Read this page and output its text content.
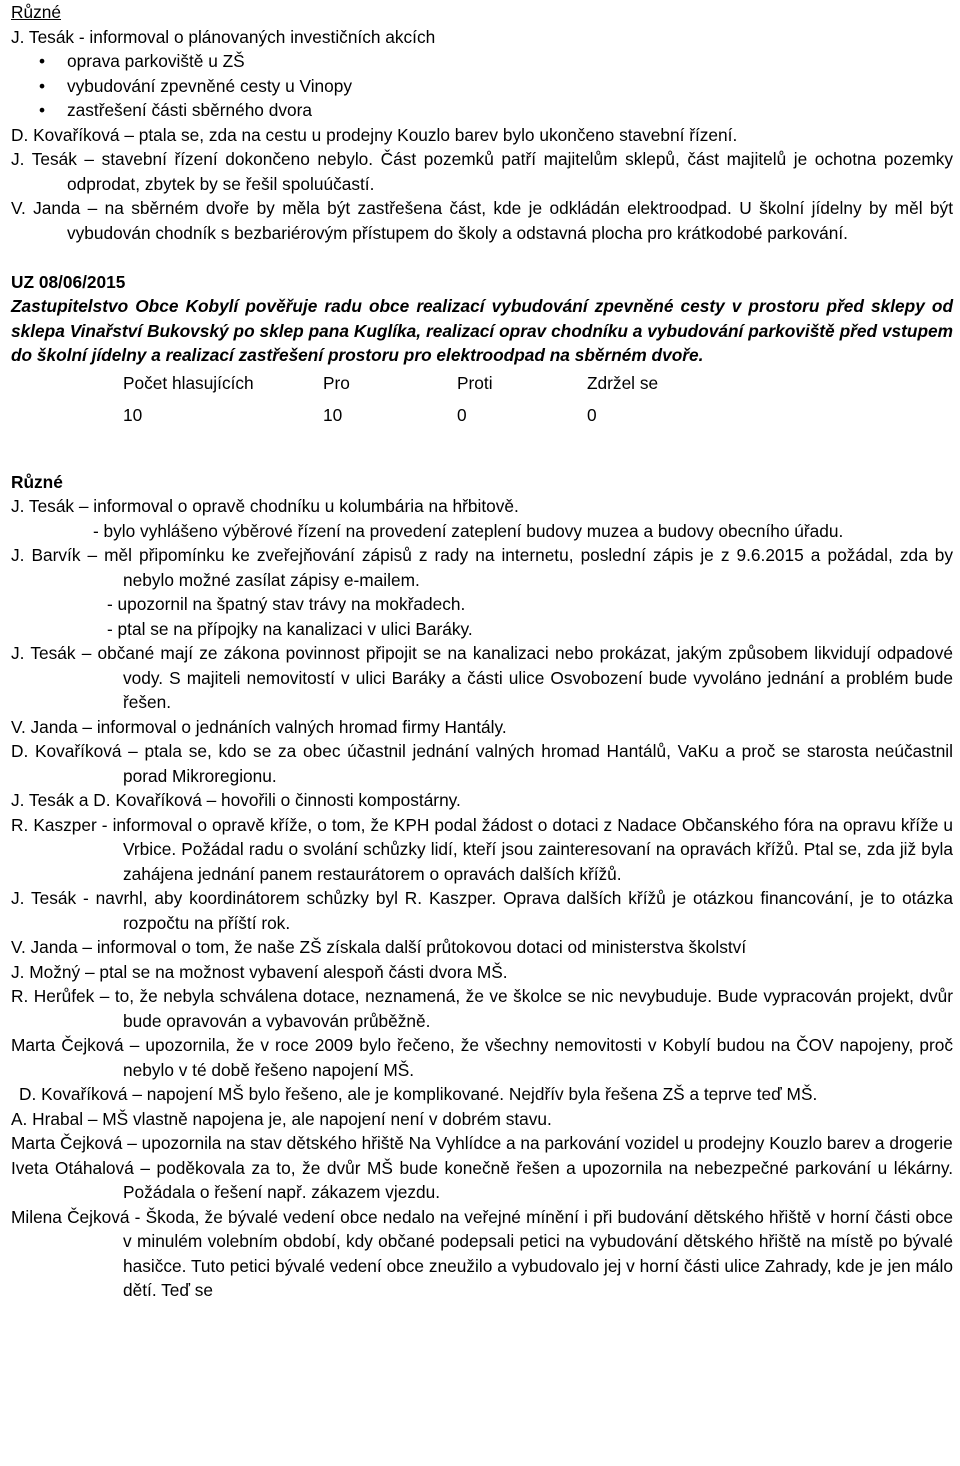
Různé

J. Tesák - informoval o plánovaných investičních akcích

• oprava parkoviště u ZŠ
• vybudování zpevněné cesty u Vinopy
• zastřešení části sběrného dvora

D. Kovaříková – ptala se, zda na cestu u prodejny Kouzlo barev bylo ukončeno stavební řízení.

J. Tesák – stavební řízení dokončeno nebylo. Část pozemků patří majitelům sklepů, část majitelů je ochotna pozemky odprodat, zbytek by se řešil spoluúčastí.

V. Janda – na sběrném dvoře by měla být zastřešena část, kde je odkládán elektroodpad. U školní jídelny by měl být vybudován chodník s bezbariérovým přístupem do školy a odstavná plocha pro krátkodobé parkování.

UZ 08/06/2015

Zastupitelstvo Obce Kobylí pověřuje radu obce realizací vybudování zpevněné cesty v prostoru před sklepy od sklepa Vinařství Bukovský po sklep pana Kuglíka, realizací oprav chodníku a vybudování parkoviště před vstupem do školní jídelny a realizací zastřešení prostoru pro elektroodpad na sběrném dvoře.

Počet hlasujících	Pro	Proti	Zdržel se
10	10	0	0

Různé

J. Tesák – informoval o opravě chodníku u kolumbária na hřbitově.

- bylo vyhlášeno výběrové řízení na provedení zateplení budovy muzea a budovy obecního úřadu.

J. Barvík – měl připomínku ke zveřejňování zápisů z rady na internetu, poslední zápis je z 9.6.2015 a požádal, zda by nebylo možné zasílat zápisy e-mailem.

- upozornil na špatný stav trávy na mokřadech.

- ptal se na přípojky na kanalizaci v ulici Baráky.

J. Tesák – občané mají ze zákona povinnost připojit se na kanalizaci nebo prokázat, jakým způsobem likvidují odpadové vody. S majiteli nemovitostí v ulici Baráky a části ulice Osvobození bude vyvoláno jednání a problém bude řešen.

V. Janda – informoval o jednáních valných hromad firmy Hantály.

D. Kovaříková – ptala se, kdo se za obec účastnil jednání valných hromad Hantálů, VaKu a proč se starosta neúčastnil porad Mikroregionu.

J. Tesák a D. Kovaříková – hovořili o činnosti kompostárny.

R. Kaszper - informoval o opravě kříže, o tom, že KPH podal žádost o dotaci z Nadace Občanského fóra na opravu kříže u Vrbice. Požádal radu o svolání schůzky lidí, kteří jsou zainteresovaní na opravách křížů. Ptal se, zda již byla zahájena jednání panem restaurátorem o opravách dalších křížů.

J. Tesák - navrhl, aby koordinátorem schůzky byl R. Kaszper. Oprava dalších křížů je otázkou financování, je to otázka rozpočtu na příští rok.

V. Janda – informoval o tom, že naše ZŠ získala další průtokovou dotaci od ministerstva školství

J. Možný – ptal se na možnost vybavení alespoň části dvora MŠ.

R. Herůfek – to, že nebyla schválena dotace, neznamená, že ve školce se nic nevybuduje. Bude vypracován projekt, dvůr bude opravován a vybavován průběžně.

Marta Čejková – upozornila, že v roce 2009 bylo řečeno, že všechny nemovitosti v Kobylí budou na ČOV napojeny, proč nebylo v té době řešeno napojení MŠ.

D. Kovaříková – napojení MŠ bylo řešeno, ale je komplikované. Nejdřív byla řešena ZŠ a teprve teď MŠ.

A. Hrabal – MŠ vlastně napojena je, ale napojení není v dobrém stavu.

Marta Čejková – upozornila na stav dětského hřiště Na Vyhlídce a na parkování vozidel u prodejny Kouzlo barev a drogerie

Iveta Otáhalová – poděkovala za to, že dvůr MŠ bude konečně řešen a upozornila na nebezpečné parkování u lékárny. Požádala o řešení např. zákazem vjezdu.

Milena Čejková - Škoda, že bývalé vedení obce nedalo na veřejné mínění i při budování dětského hřiště v horní části obce v minulém volebním období, kdy občané podepsali petici na vybudování dětského hřiště na místě po bývalé hasičce. Tuto petici bývalé vedení obce zneužilo a vybudovalo jej v horní části ulice Zahrady, kde je jen málo dětí. Teď se
